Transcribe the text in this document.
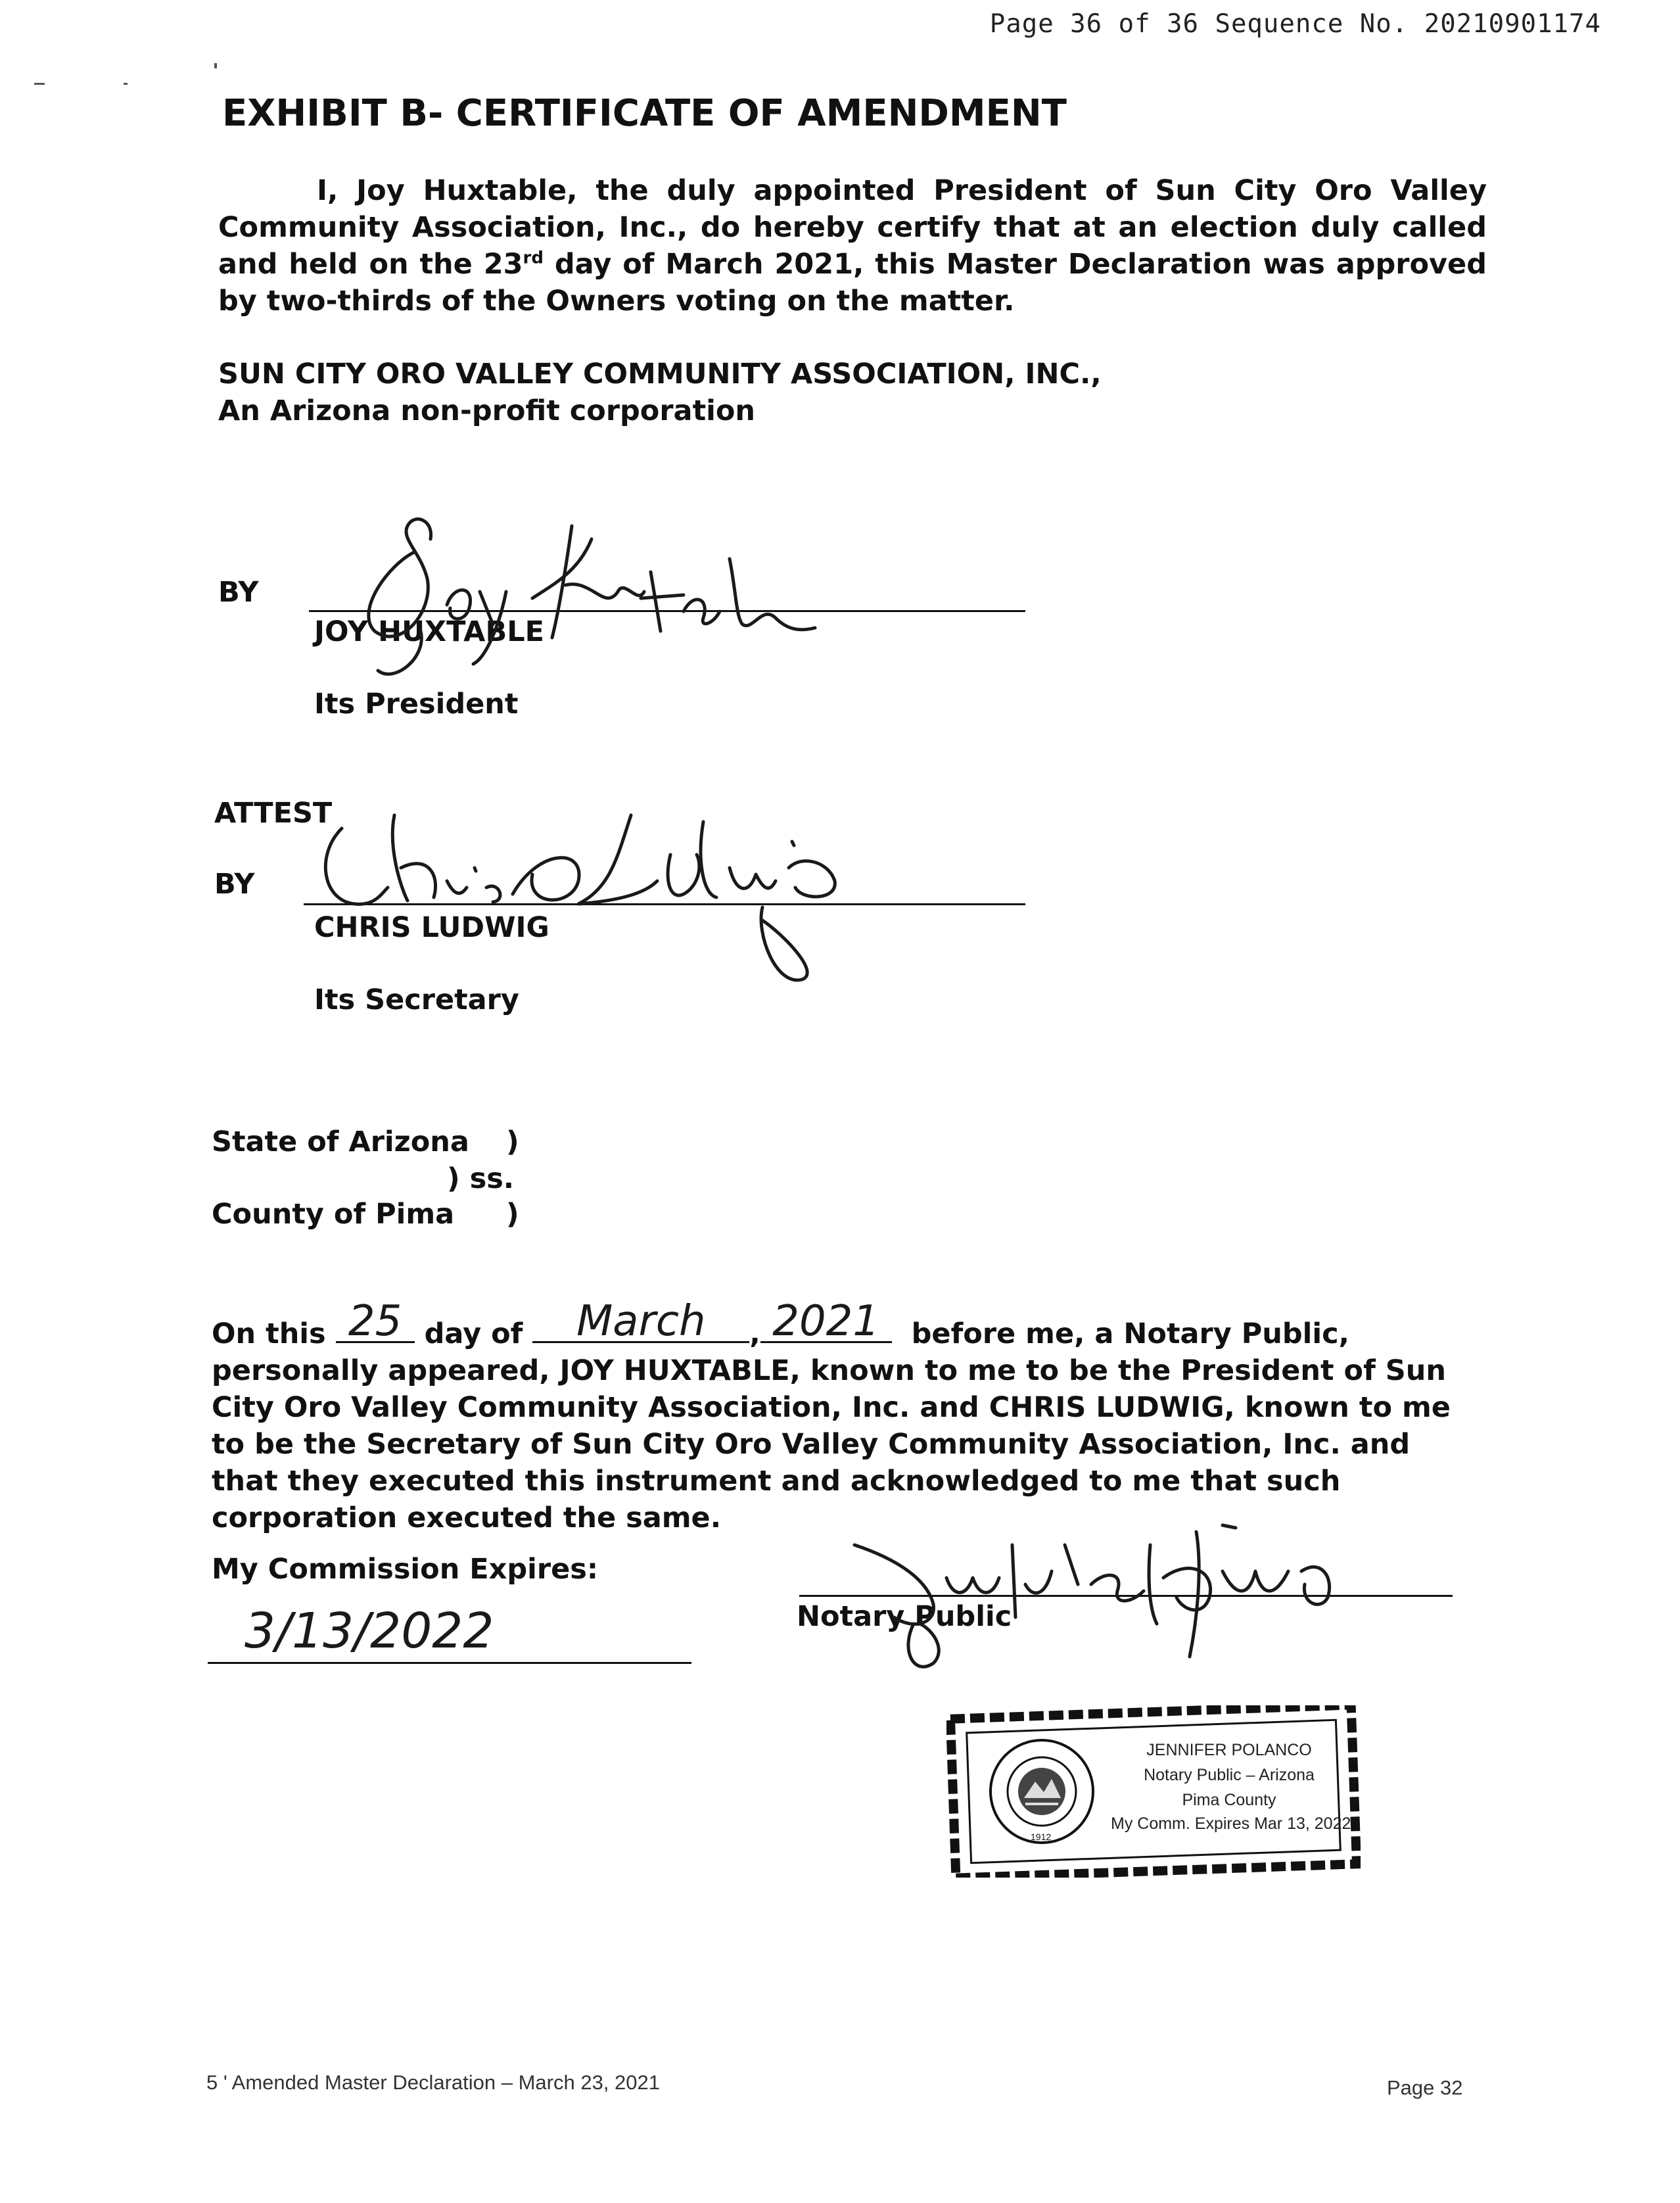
Page 36 of 36 Sequence No. 20210901174
EXHIBIT B- CERTIFICATE OF AMENDMENT

I, Joy Huxtable, the duly appointed President of Sun City Oro Valley Community Association, Inc., do hereby certify that at an election duly called and held on the 23rd day of March 2021, this Master Declaration was approved by two-thirds of the Owners voting on the matter.

SUN CITY ORO VALLEY COMMUNITY ASSOCIATION, INC.,
An Arizona non-profit corporation
BY
JOY HUXTABLE
Its President
ATTEST
BY
CHRIS LUDWIG
Its Secretary
State of Arizona )
) ss.
County of Pima )

On this 25 day of	March	, 2021	before me, a Notary Public, personally appeared, JOY HUXTABLE, known to me to be the President of Sun City Oro Valley Community Association, Inc. and CHRIS LUDWIG, known to me to be the Secretary of Sun City Oro Valley Community Association, Inc. and that they executed this instrument and acknowledged to me that such corporation executed the same.

My Commission Expires:
3/13/2022	Notary Public
1912
JENNIFER POLANCO
Notary Public – Arizona
Pima County
My Comm. Expires Mar 13, 2022
5 ' Amended Master Declaration – March 23, 2021	Page 32
